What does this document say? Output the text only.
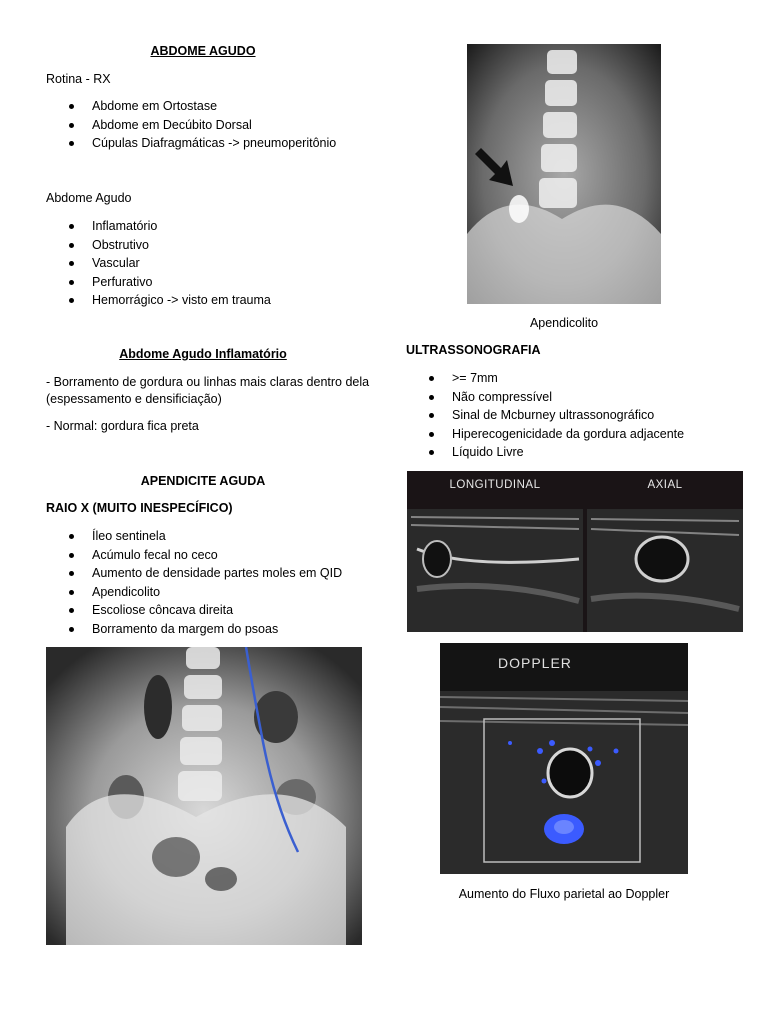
ABDOME AGUDO
Rotina - RX
Abdome em Ortostase
Abdome em Decúbito Dorsal
Cúpulas Diafragmáticas -> pneumoperitônio
Abdome Agudo
Inflamatório
Obstrutivo
Vascular
Perfurativo
Hemorrágico -> visto em trauma
Abdome Agudo Inflamatório
- Borramento de gordura ou linhas mais claras dentro dela (espessamento e densificiação)
- Normal: gordura fica preta
APENDICITE AGUDA
RAIO X (MUITO INESPECÍFICO)
Íleo sentinela
Acúmulo fecal no ceco
Aumento de densidade partes moles em QID
Apendicolito
Escoliose côncava direita
Borramento da margem do psoas
Apendicolito
ULTRASSONOGRAFIA
>= 7mm
Não compressível
Sinal de Mcburney ultrassonográfico
Hiperecogenicidade da gordura adjacente
Líquido Livre
LONGITUDINAL	AXIAL
DOPPLER
Aumento do Fluxo parietal ao Doppler
